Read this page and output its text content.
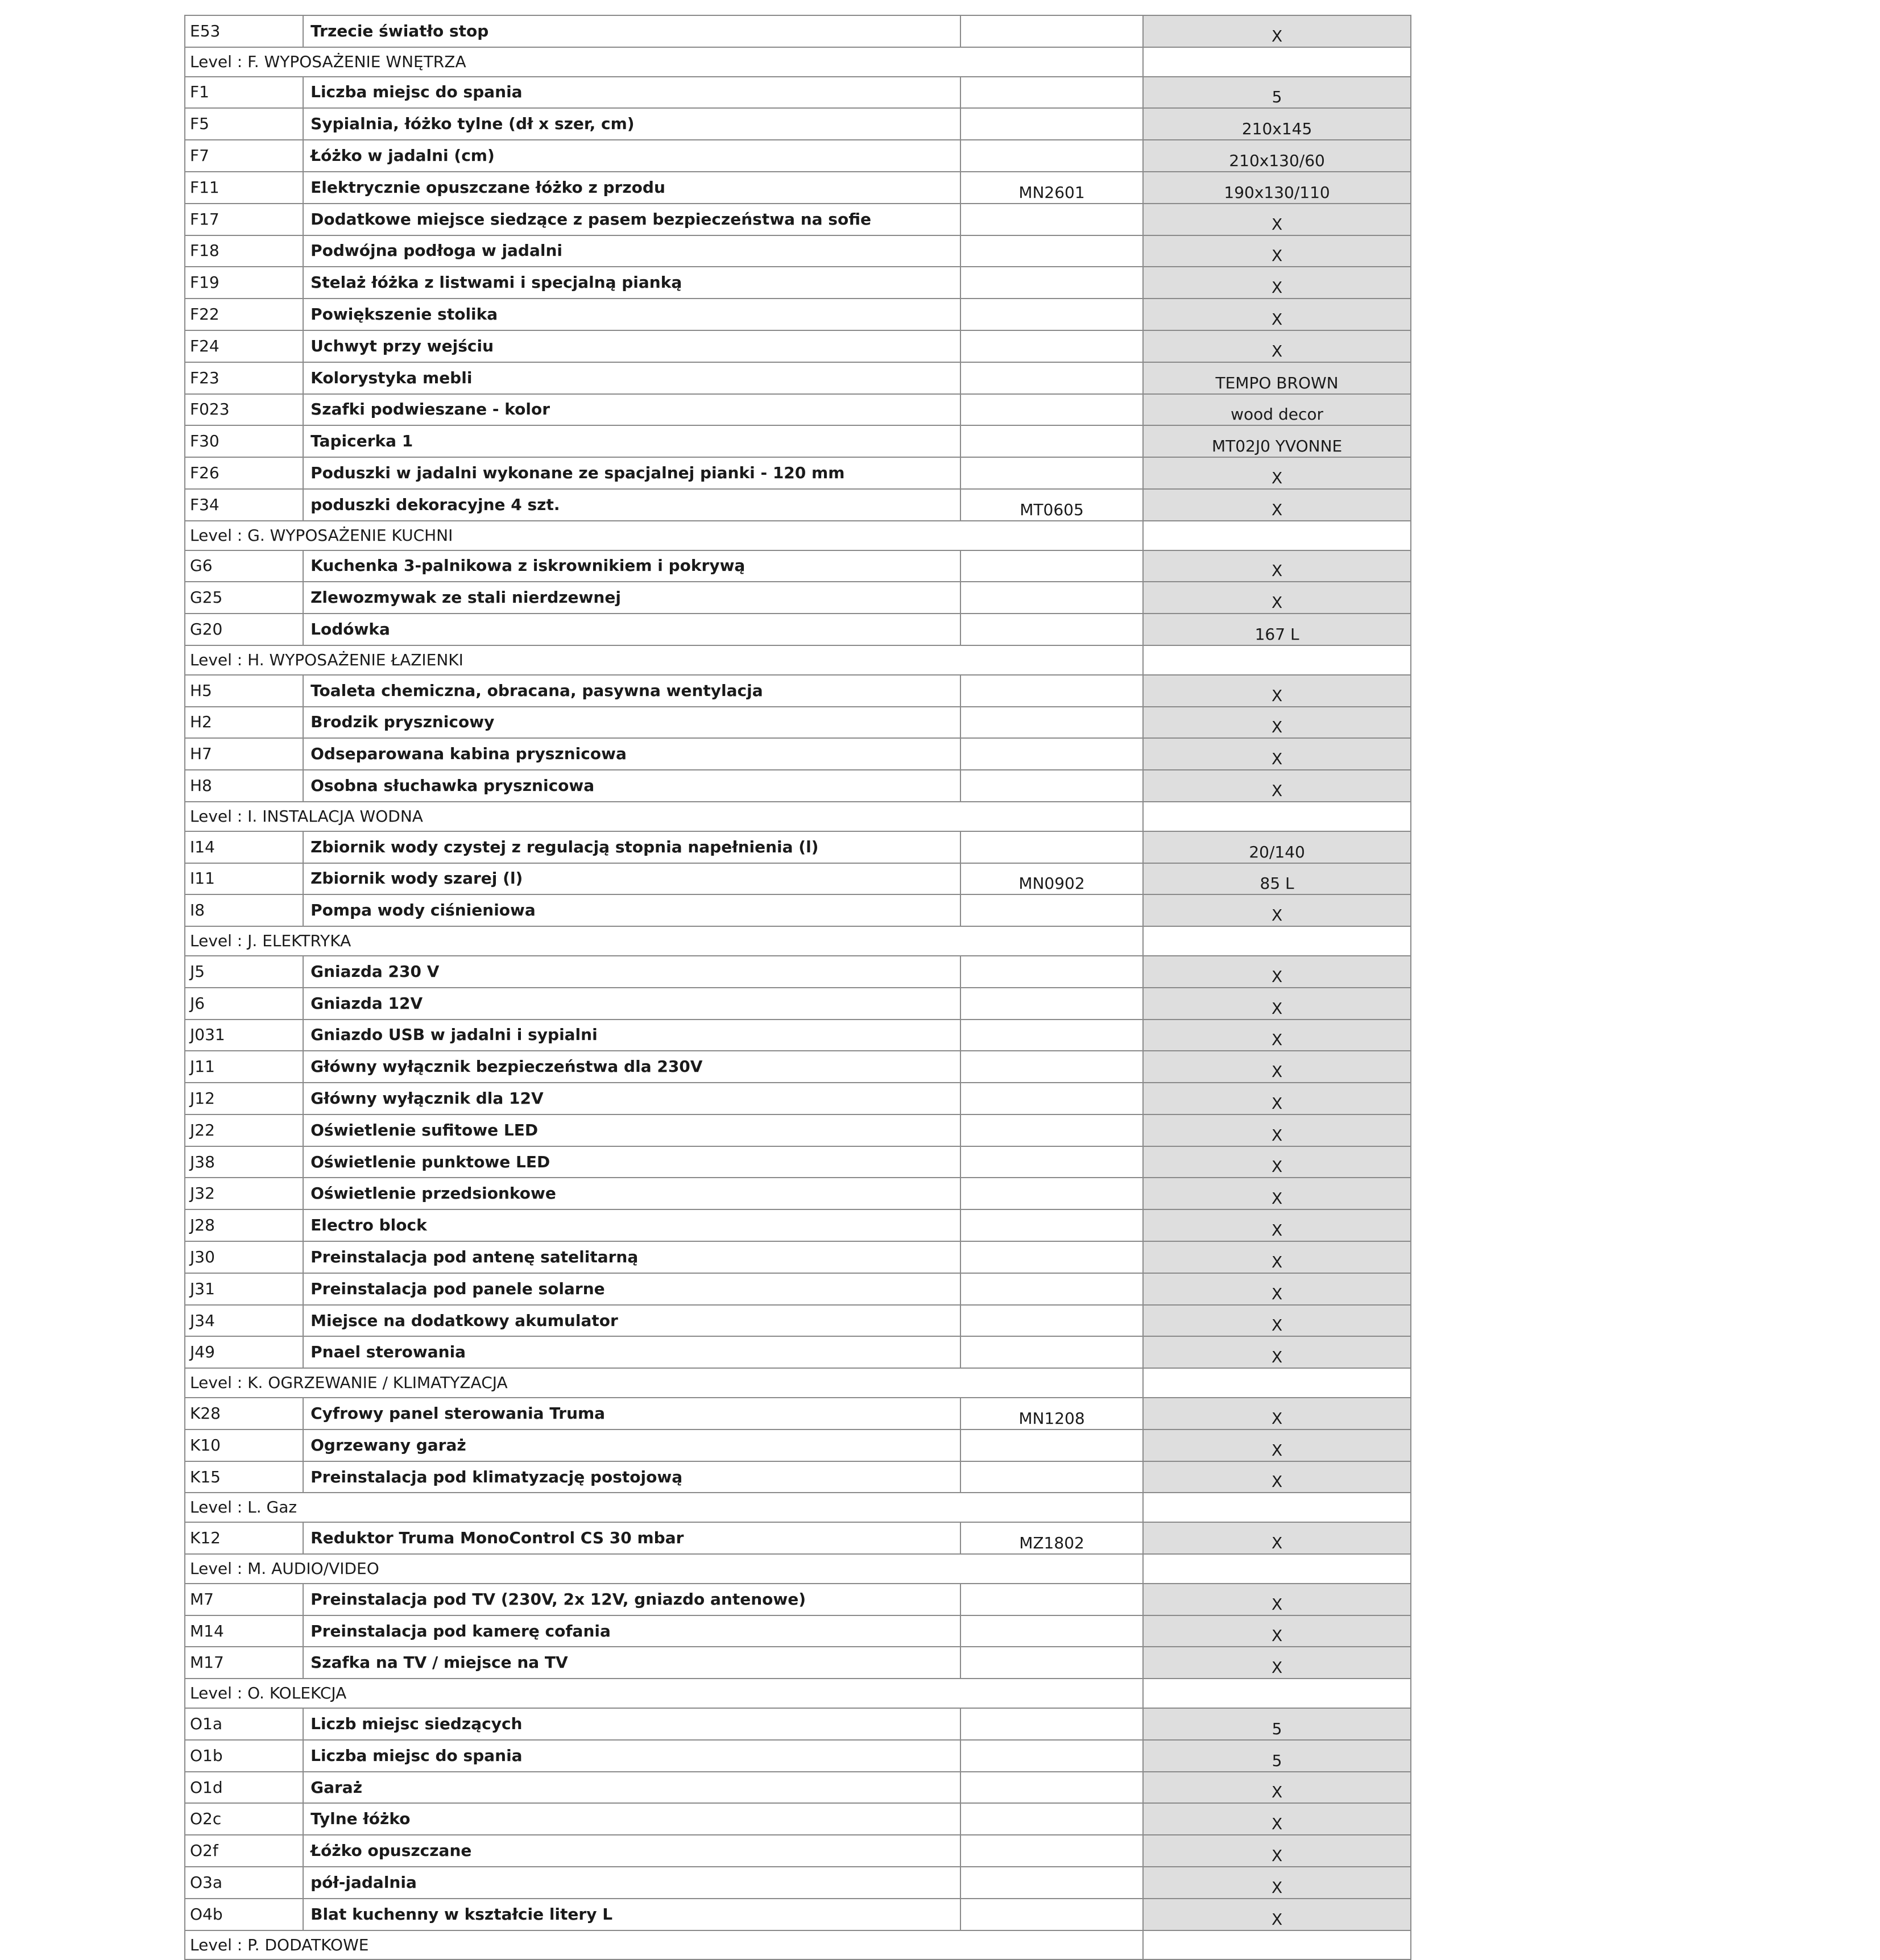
E53	Trzecie światło stop		X
Level : F. WYPOSAŻENIE WNĘTRZA			
F1	Liczba miejsc do spania		5
F5	Sypialnia, łóżko tylne (dł x szer, cm)		210x145
F7	Łóżko w jadalni (cm)		210x130/60
F11	Elektrycznie opuszczane łóżko z przodu	MN2601	190x130/110
F17	Dodatkowe miejsce siedzące z pasem bezpieczeństwa na sofie		X
F18	Podwójna podłoga w jadalni		X
F19	Stelaż łóżka z listwami i specjalną pianką		X
F22	Powiększenie stolika		X
F24	Uchwyt przy wejściu		X
F23	Kolorystyka mebli		TEMPO BROWN
F023	Szafki podwieszane - kolor		wood decor
F30	Tapicerka 1		MT02J0 YVONNE
F26	Poduszki w jadalni wykonane ze spacjalnej pianki - 120 mm		X
F34	poduszki dekoracyjne 4 szt.	MT0605	X
Level : G. WYPOSAŻENIE KUCHNI			
G6	Kuchenka 3-palnikowa z iskrownikiem i pokrywą		X
G25	Zlewozmywak ze stali nierdzewnej		X
G20	Lodówka		167 L
Level : H. WYPOSAŻENIE ŁAZIENKI			
H5	Toaleta chemiczna, obracana, pasywna wentylacja		X
H2	Brodzik prysznicowy		X
H7	Odseparowana kabina prysznicowa		X
H8	Osobna słuchawka prysznicowa		X
Level : I. INSTALACJA WODNA			
I14	Zbiornik wody czystej z regulacją stopnia napełnienia (l)		20/140
I11	Zbiornik wody szarej (l)	MN0902	85 L
I8	Pompa wody ciśnieniowa		X
Level : J. ELEKTRYKA			
J5	Gniazda 230 V		X
J6	Gniazda 12V		X
J031	Gniazdo USB w jadalni i sypialni		X
J11	Główny wyłącznik bezpieczeństwa dla 230V		X
J12	Główny wyłącznik dla 12V		X
J22	Oświetlenie sufitowe LED		X
J38	Oświetlenie punktowe LED		X
J32	Oświetlenie przedsionkowe		X
J28	Electro block		X
J30	Preinstalacja pod antenę satelitarną		X
J31	Preinstalacja pod panele solarne		X
J34	Miejsce na dodatkowy akumulator		X
J49	Pnael sterowania		X
Level : K. OGRZEWANIE / KLIMATYZACJA			
K28	Cyfrowy panel sterowania Truma	MN1208	X
K10	Ogrzewany garaż		X
K15	Preinstalacja pod klimatyzację postojową		X
Level : L. Gaz			
K12	Reduktor Truma MonoControl CS 30 mbar	MZ1802	X
Level : M. AUDIO/VIDEO			
M7	Preinstalacja pod TV (230V, 2x 12V, gniazdo antenowe)		X
M14	Preinstalacja pod kamerę cofania		X
M17	Szafka na TV / miejsce na TV		X
Level : O. KOLEKCJA			
O1a	Liczb miejsc siedzących		5
O1b	Liczba miejsc do spania		5
O1d	Garaż		X
O2c	Tylne łóżko		X
O2f	Łóżko opuszczane		X
O3a	pół-jadalnia		X
O4b	Blat kuchenny w kształcie litery L		X
Level : P. DODATKOWE			
